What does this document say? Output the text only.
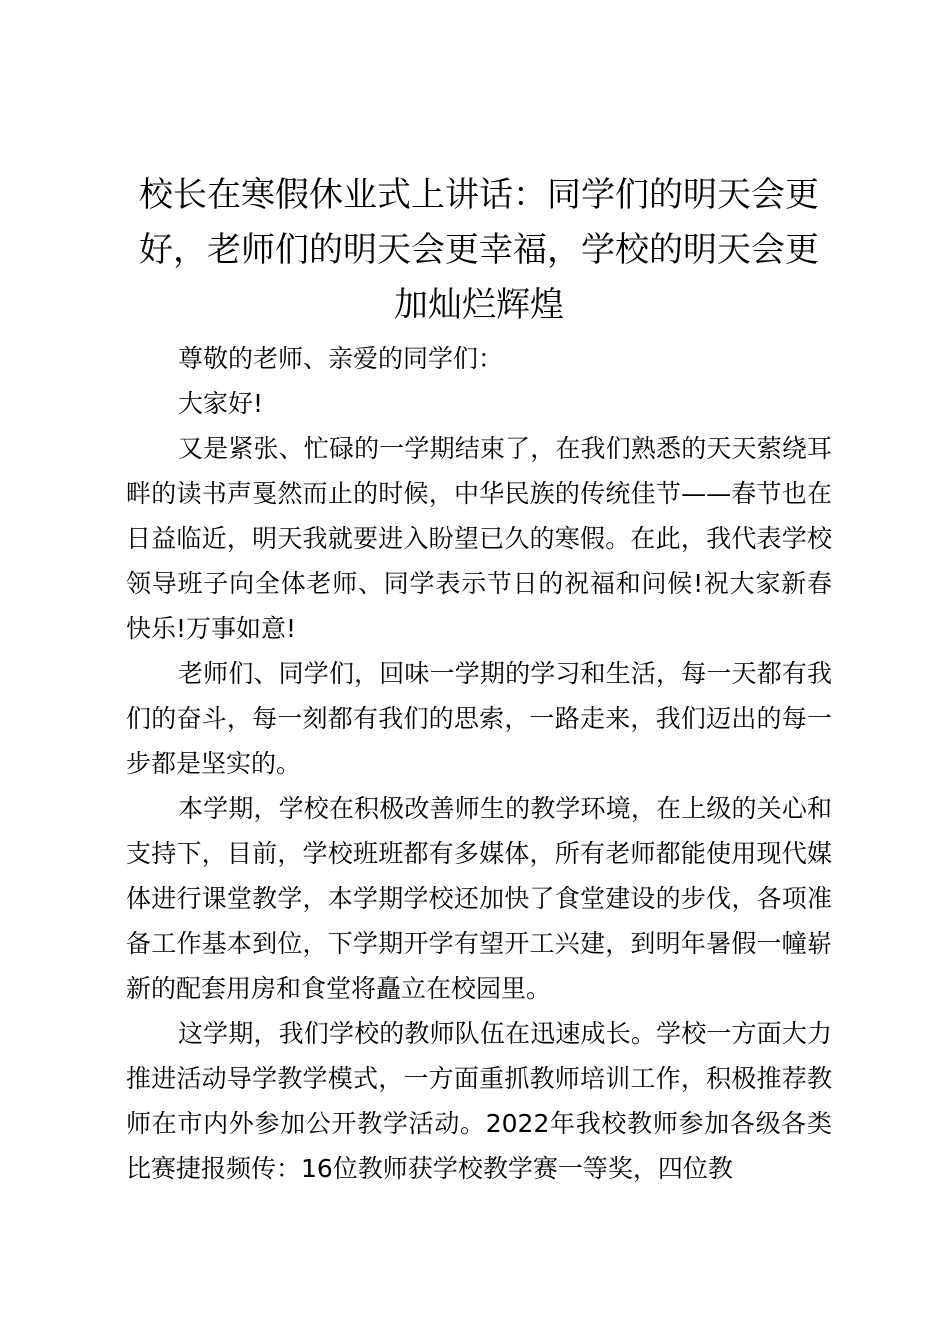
校长在寒假休业式上讲话：同学们的明天会更
好，老师们的明天会更幸福，学校的明天会更
加灿烂辉煌

尊敬的老师、亲爱的同学们：

大家好!

又是紧张、忙碌的一学期结束了，在我们熟悉的天天萦绕耳畔的读书声戛然而止的时候，中华民族的传统佳节——春节也在日益临近，明天我就要进入盼望已久的寒假。在此，我代表学校领导班子向全体老师、同学表示节日的祝福和问候!祝大家新春快乐!万事如意!

老师们、同学们，回味一学期的学习和生活，每一天都有我们的奋斗，每一刻都有我们的思索，一路走来，我们迈出的每一步都是坚实的。

本学期，学校在积极改善师生的教学环境，在上级的关心和支持下，目前，学校班班都有多媒体，所有老师都能使用现代媒体进行课堂教学，本学期学校还加快了食堂建设的步伐，各项准备工作基本到位，下学期开学有望开工兴建，到明年暑假一幢崭新的配套用房和食堂将矗立在校园里。

这学期，我们学校的教师队伍在迅速成长。学校一方面大力推进活动导学教学模式，一方面重抓教师培训工作，积极推荐教师在市内外参加公开教学活动。2022年我校教师参加各级各类比赛捷报频传：16位教师获学校教学赛一等奖，四位教
